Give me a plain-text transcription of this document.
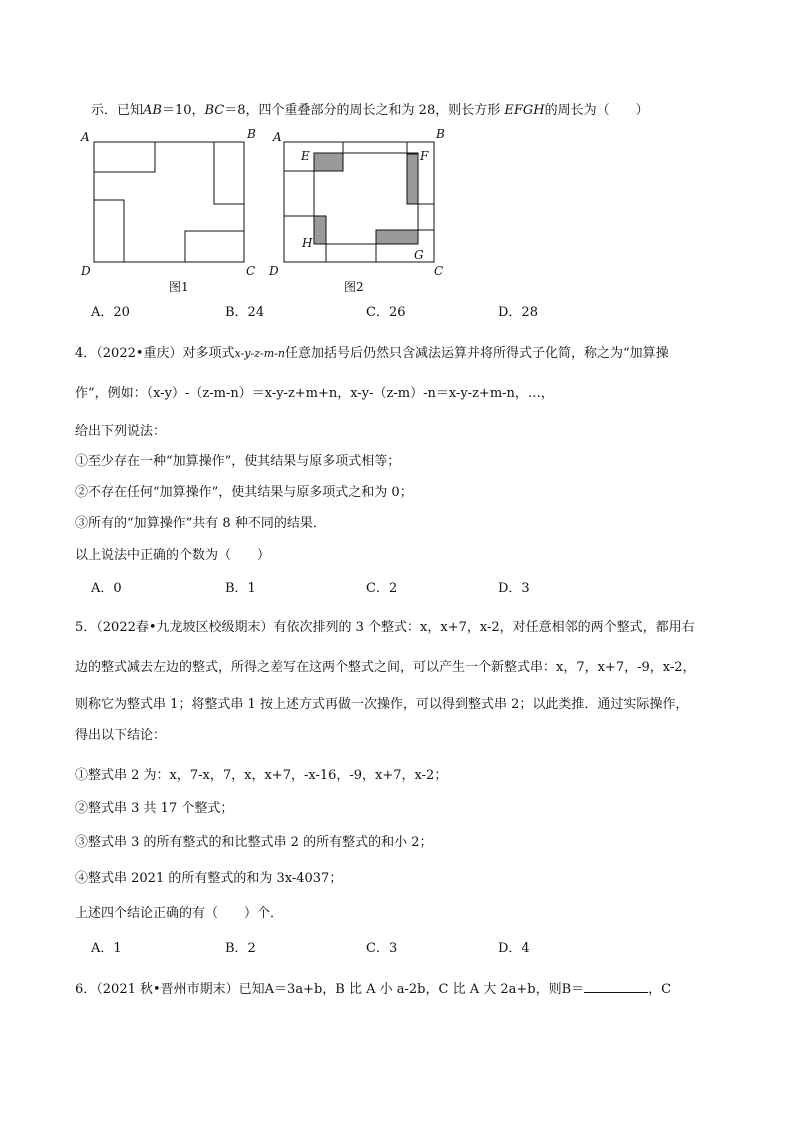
示．已知AB＝10，BC＝8，四个重叠部分的周长之和为 28，则长方形 EFGH的周长为（　　）
A	B
D	C
图1
A	B
D	C
E	F
G
H
图2
A．20	B．24	C．26	D．28
4．（2022•重庆）对多项式x-y-z-m-n任意加括号后仍然只含减法运算并将所得式子化简，称之为“加算操
作”，例如：（x-y）-（z-m-n）＝x-y-z+m+n，x-y-（z-m）-n＝x-y-z+m-n，…，
给出下列说法：
①至少存在一种“加算操作”，使其结果与原多项式相等；
②不存在任何“加算操作”，使其结果与原多项式之和为 0；
③所有的“加算操作”共有 8 种不同的结果．
以上说法中正确的个数为（　　）
A．0	B．1	C．2	D．3
5．（2022春•九龙坡区校级期末）有依次排列的 3 个整式：x，x+7，x-2，对任意相邻的两个整式，都用右
边的整式减去左边的整式，所得之差写在这两个整式之间，可以产生一个新整式串：x，7，x+7，-9，x-2，
则称它为整式串 1；将整式串 1 按上述方式再做一次操作，可以得到整式串 2；以此类推．通过实际操作，
得出以下结论：
①整式串 2 为：x，7-x，7，x，x+7，-x-16，-9，x+7，x-2；
②整式串 3 共 17 个整式；
③整式串 3 的所有整式的和比整式串 2 的所有整式的和小 2；
④整式串 2021 的所有整式的和为 3x-4037；
上述四个结论正确的有（　　）个．
A．1	B．2	C．3	D．4
6．（2021 秋•晋州市期末）已知A＝3a+b，B 比 A 小 a-2b，C 比 A 大 2a+b，则B＝	，C
